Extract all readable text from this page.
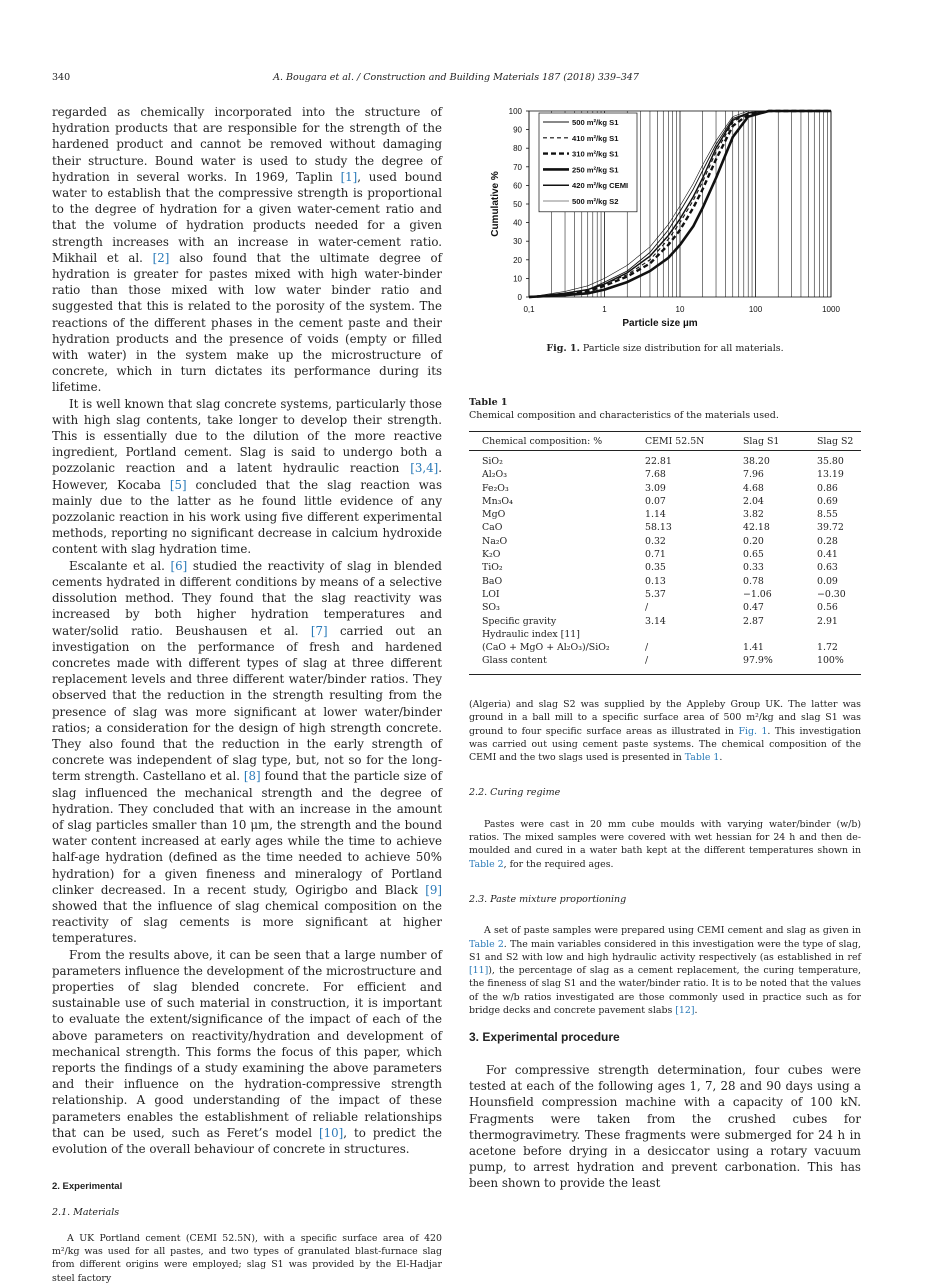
340	A. Bougara et al. / Construction and Building Materials 187 (2018) 339–347

regarded as chemically incorporated into the structure of hydration products that are responsible for the strength of the hardened product and cannot be removed without damaging their structure. Bound water is used to study the degree of hydration in several works. In 1969, Taplin [1], used bound water to establish that the compressive strength is proportional to the degree of hydration for a given water-cement ratio and that the volume of hydration products needed for a given strength increases with an increase in water-cement ratio. Mikhail et al. [2] also found that the ultimate degree of hydration is greater for pastes mixed with high water-binder ratio than those mixed with low water binder ratio and suggested that this is related to the porosity of the system. The reactions of the different phases in the cement paste and their hydration products and the presence of voids (empty or filled with water) in the system make up the microstructure of concrete, which in turn dictates its performance during its lifetime.

It is well known that slag concrete systems, particularly those with high slag contents, take longer to develop their strength. This is essentially due to the dilution of the more reactive ingredient, Portland cement. Slag is said to undergo both a pozzolanic reaction and a latent hydraulic reaction [3,4]. However, Kocaba [5] concluded that the slag reaction was mainly due to the latter as he found little evidence of any pozzolanic reaction in his work using five different experimental methods, reporting no significant decrease in calcium hydroxide content with slag hydration time.

Escalante et al. [6] studied the reactivity of slag in blended cements hydrated in different conditions by means of a selective dissolution method. They found that the slag reactivity was increased by both higher hydration temperatures and water/solid ratio. Beushausen et al. [7] carried out an investigation on the performance of fresh and hardened concretes made with different types of slag at three different replacement levels and three different water/binder ratios. They observed that the reduction in the strength resulting from the presence of slag was more significant at lower water/binder ratios; a consideration for the design of high strength concrete. They also found that the reduction in the early strength of concrete was independent of slag type, but, not so for the long-term strength. Castellano et al. [8] found that the particle size of slag influenced the mechanical strength and the degree of hydration. They concluded that with an increase in the amount of slag particles smaller than 10 μm, the strength and the bound water content increased at early ages while the time to achieve half-age hydration (defined as the time needed to achieve 50% hydration) for a given fineness and mineralogy of Portland clinker decreased. In a recent study, Ogirigbo and Black [9] showed that the influence of slag chemical composition on the reactivity of slag cements is more significant at higher temperatures.

From the results above, it can be seen that a large number of parameters influence the development of the microstructure and properties of slag blended concrete. For efficient and sustainable use of such material in construction, it is important to evaluate the extent/significance of the impact of each of the above parameters on reactivity/hydration and development of mechanical strength. This forms the focus of this paper, which reports the findings of a study examining the above parameters and their influence on the hydration-compressive strength relationship. A good understanding of the impact of these parameters enables the establishment of reliable relationships that can be used, such as Feret’s model [10], to predict the evolution of the overall behaviour of concrete in structures.

2. Experimental
2.1. Materials

A UK Portland cement (CEMI 52.5N), with a specific surface area of 420 m²/kg was used for all pastes, and two types of granulated blast-furnace slag from different origins were employed; slag S1 was provided by the El-Hadjar steel factory

0
10
20
30
40
50
60
70
80
90
100
0,1	1	10	100	1000
Particle size µm
Cumulative %
500 m²/kg S1
410 m²/kg S1
310 m²/kg S1
250 m²/kg S1
420 m²/kg CEMI
500 m²/kg S2
Fig. 1. Particle size distribution for all materials.
Table 1
Chemical composition and characteristics of the materials used.
Chemical composition: %	CEMI 52.5N	Slag S1	Slag S2
SiO₂	22.81	38.20	35.80
Al₂O₃	7.68	7.96	13.19
Fe₂O₃	3.09	4.68	0.86
Mn₃O₄	0.07	2.04	0.69
MgO	1.14	3.82	8.55
CaO	58.13	42.18	39.72
Na₂O	0.32	0.20	0.28
K₂O	0.71	0.65	0.41
TiO₂	0.35	0.33	0.63
BaO	0.13	0.78	0.09
LOI	5.37	−1.06	−0.30
SO₃	/	0.47	0.56
Specific gravity	3.14	2.87	2.91
Hydraulic index [11]			
(CaO + MgO + Al₂O₃)/SiO₂	/	1.41	1.72
Glass content	/	97.9%	100%

(Algeria) and slag S2 was supplied by the Appleby Group UK. The latter was ground in a ball mill to a specific surface area of 500 m²/kg and slag S1 was ground to four specific surface areas as illustrated in Fig. 1. This investigation was carried out using cement paste systems. The chemical composition of the CEMI and the two slags used is presented in Table 1.

2.2. Curing regime

Pastes were cast in 20 mm cube moulds with varying water/binder (w/b) ratios. The mixed samples were covered with wet hessian for 24 h and then de-moulded and cured in a water bath kept at the different temperatures shown in Table 2, for the required ages.

2.3. Paste mixture proportioning

A set of paste samples were prepared using CEMI cement and slag as given in Table 2. The main variables considered in this investigation were the type of slag, S1 and S2 with low and high hydraulic activity respectively (as established in ref [11]), the percentage of slag as a cement replacement, the curing temperature, the fineness of slag S1 and the water/binder ratio. It is to be noted that the values of the w/b ratios investigated are those commonly used in practice such as for bridge decks and concrete pavement slabs [12].

3. Experimental procedure

For compressive strength determination, four cubes were tested at each of the following ages 1, 7, 28 and 90 days using a Hounsfield compression machine with a capacity of 100 kN. Fragments were taken from the crushed cubes for thermogravimetry. These fragments were submerged for 24 h in acetone before drying in a desiccator using a rotary vacuum pump, to arrest hydration and prevent carbonation. This has been shown to provide the least
